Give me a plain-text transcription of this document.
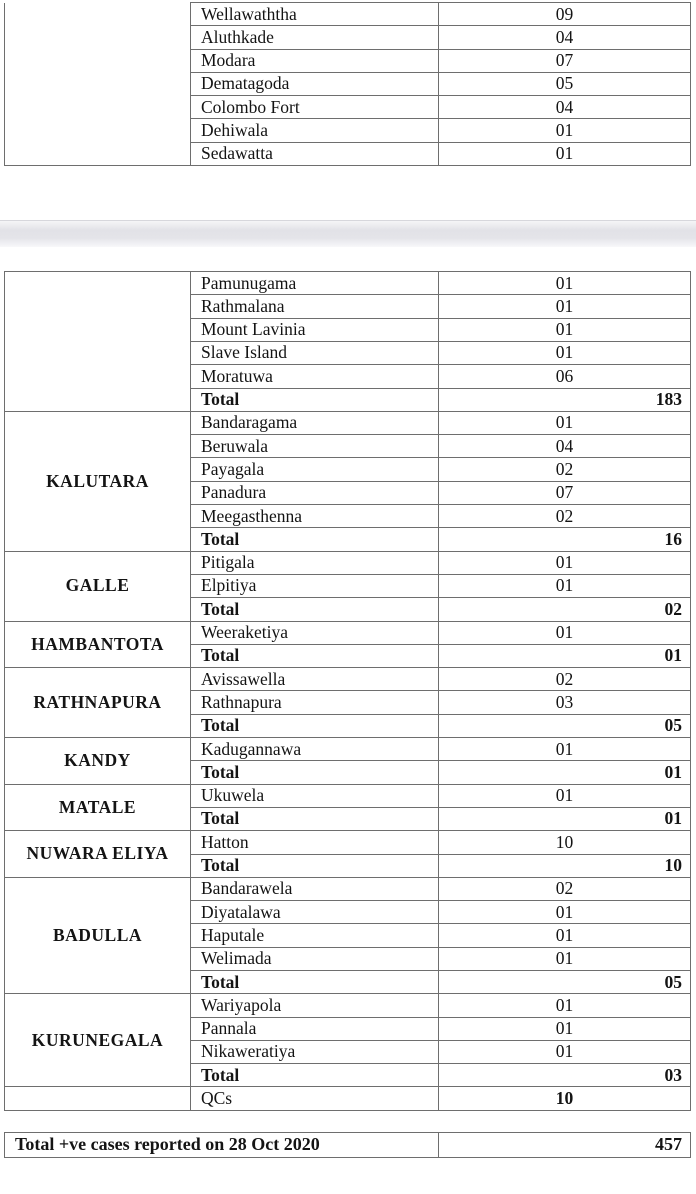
	Wellawaththa	09
	Aluthkade	04
	Modara	07
	Dematagoda	05
	Colombo Fort	04
	Dehiwala	01
	Sedawatta	01
	Pamunugama	01
	Rathmalana	01
	Mount Lavinia	01
	Slave Island	01
	Moratuwa	06
	Total	183
KALUTARA	Bandaragama	01
	Beruwala	04
	Payagala	02
	Panadura	07
	Meegasthenna	02
	Total	16
GALLE	Pitigala	01
	Elpitiya	01
	Total	02
HAMBANTOTA	Weeraketiya	01
	Total	01
RATHNAPURA	Avissawella	02
	Rathnapura	03
	Total	05
KANDY	Kadugannawa	01
	Total	01
MATALE	Ukuwela	01
	Total	01
NUWARA ELIYA	Hatton	10
	Total	10
BADULLA	Bandarawela	02
	Diyatalawa	01
	Haputale	01
	Welimada	01
	Total	05
KURUNEGALA	Wariyapola	01
	Pannala	01
	Nikaweratiya	01
	Total	03
	QCs	10
Total +ve cases reported on 28 Oct 2020	457
